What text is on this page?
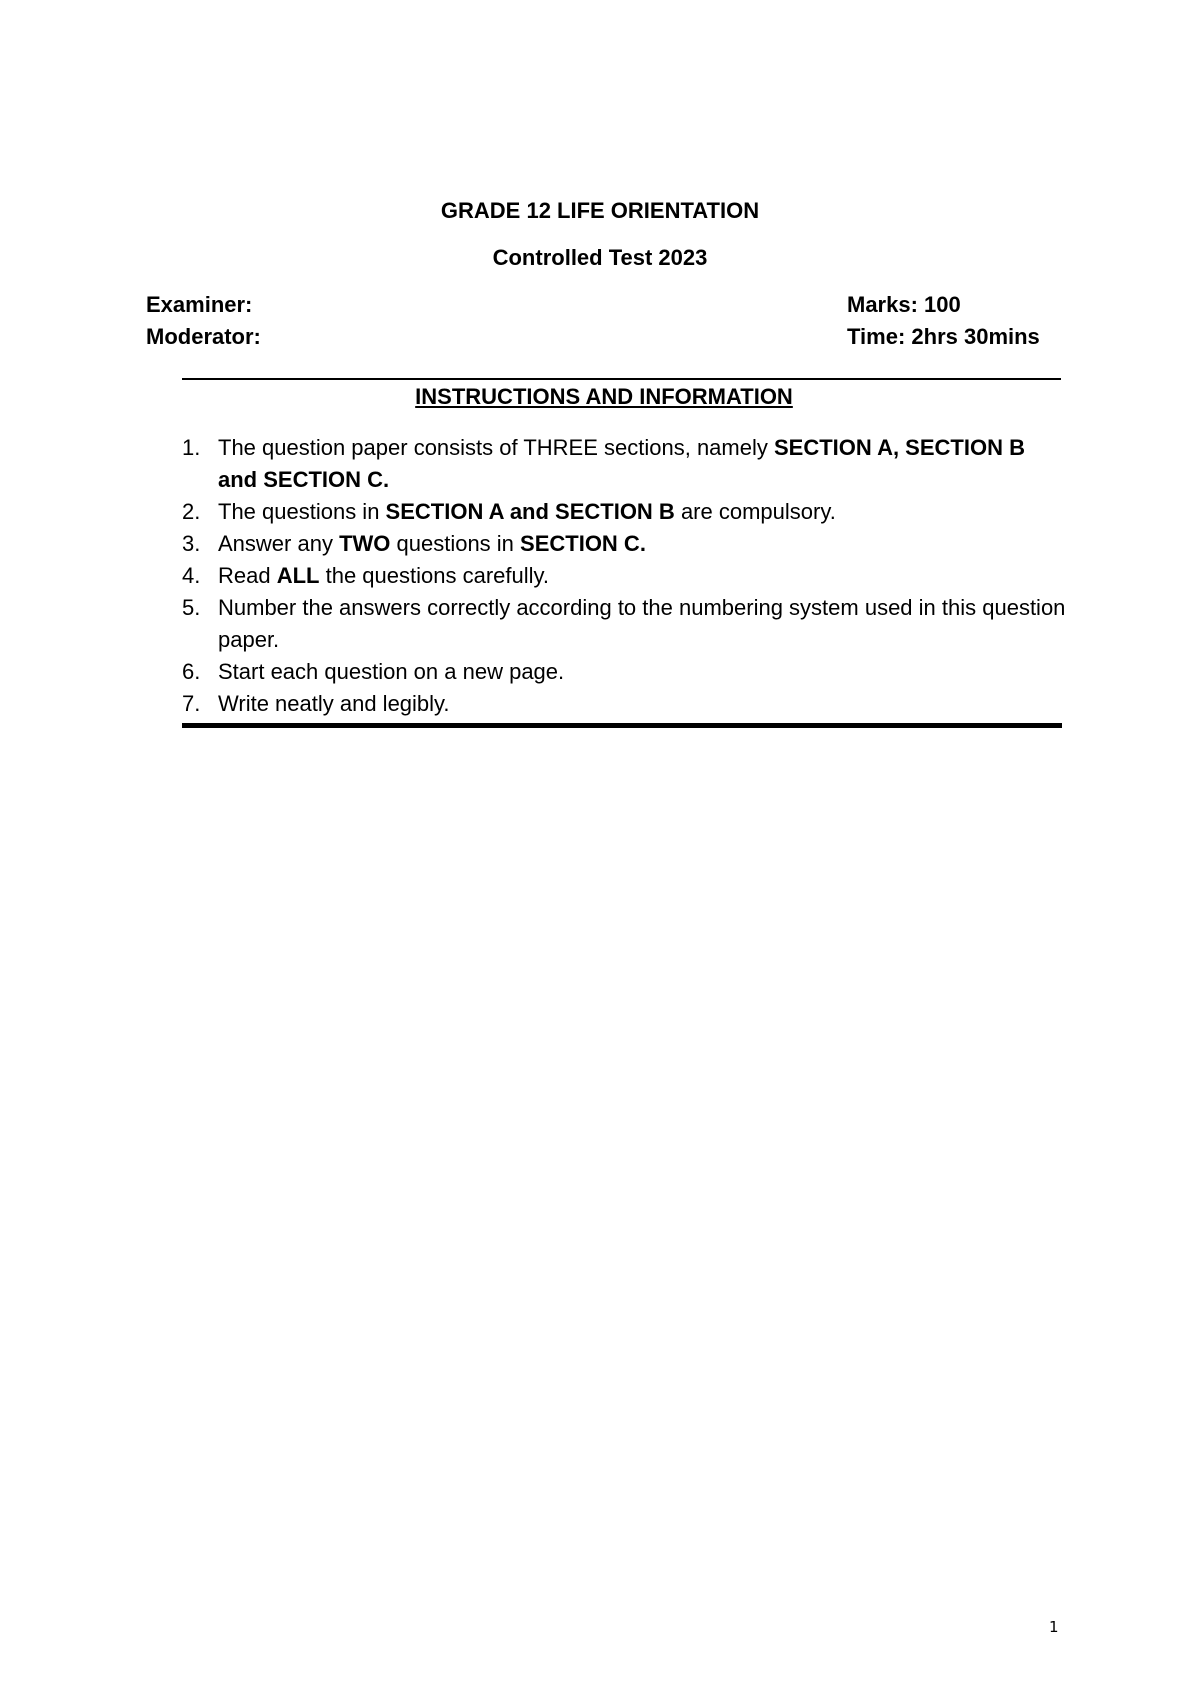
GRADE 12 LIFE ORIENTATION
Controlled Test 2023
Examiner:
Moderator:
Marks: 100
Time: 2hrs 30mins
INSTRUCTIONS AND INFORMATION
1. The question paper consists of THREE sections, namely SECTION A, SECTION B and SECTION C.
2. The questions in SECTION A and SECTION B are compulsory.
3. Answer any TWO questions in SECTION C.
4. Read ALL the questions carefully.
5. Number the answers correctly according to the numbering system used in this question paper.
6. Start each question on a new page.
7. Write neatly and legibly.
1
